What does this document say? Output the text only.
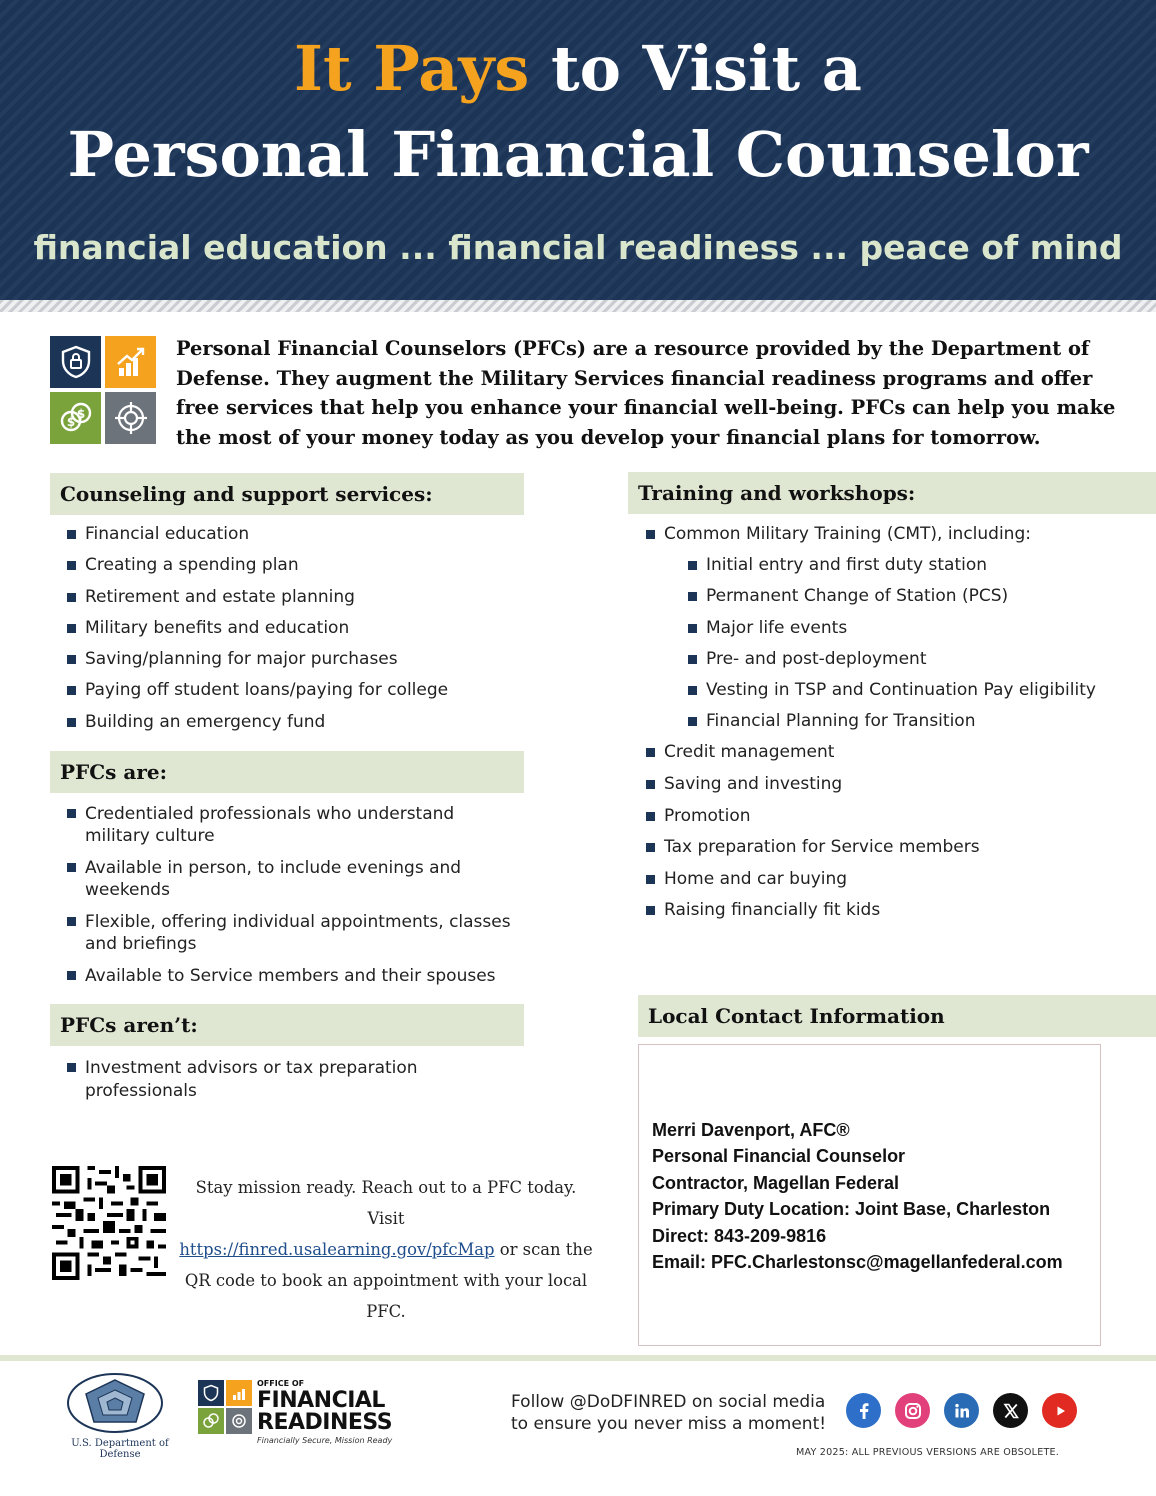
It Pays to Visit a
Personal Financial Counselor
financial education ... financial readiness ... peace of mind
$
$
Personal Financial Counselors (PFCs) are a resource provided by the Department of Defense. They augment the Military Services financial readiness programs and offer free services that help you enhance your financial well-being. PFCs can help you make the most of your money today as you develop your financial plans for tomorrow.
Counseling and support services:
Financial education
Creating a spending plan
Retirement and estate planning
Military benefits and education
Saving/planning for major purchases
Paying off student loans/paying for college
Building an emergency fund
PFCs are:
Credentialed professionals who understand military culture
Available in person, to include evenings and weekends
Flexible, offering individual appointments, classes and briefings
Available to Service members and their spouses
PFCs aren’t:
Investment advisors or tax preparation professionals
Training and workshops:
Common Military Training (CMT), including:
Initial entry and first duty station
Permanent Change of Station (PCS)
Major life events
Pre- and post-deployment
Vesting in TSP and Continuation Pay eligibility
Financial Planning for Transition
Credit management
Saving and investing
Promotion
Tax preparation for Service members
Home and car buying
Raising financially fit kids
Local Contact Information
Merri Davenport, AFC®
Personal Financial Counselor
Contractor, Magellan Federal
Primary Duty Location: Joint Base, Charleston
Direct: 843-209-9816
Email: PFC.Charlestonsc@magellanfederal.com
Stay mission ready. Reach out to a PFC today. Visit
https://finred.usalearning.gov/pfcMap or scan the
QR code to book an appointment with your local
PFC.
U.S. Department of Defense
OFFICE OF
FINANCIAL
READINESS
Financially Secure, Mission Ready
Follow @DoDFINRED on social media
to ensure you never miss a moment!
MAY 2025: ALL PREVIOUS VERSIONS ARE OBSOLETE.
